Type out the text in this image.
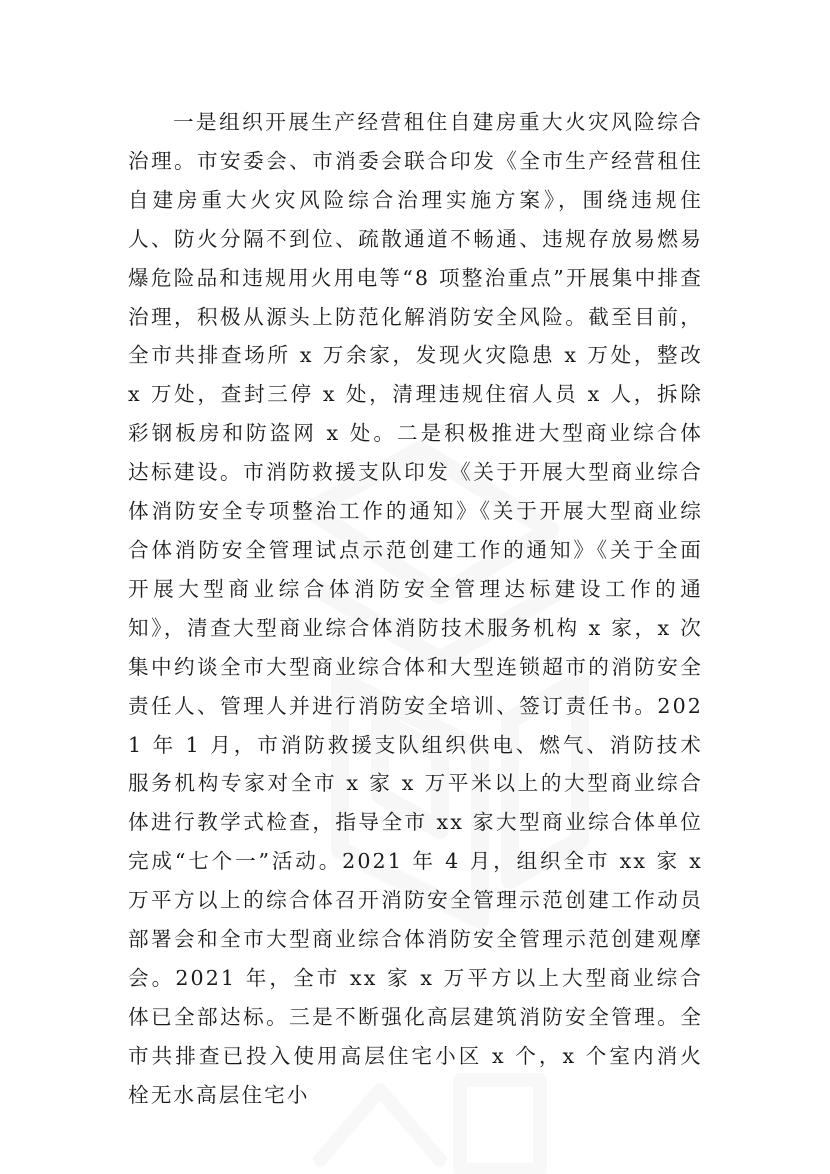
一是组织开展生产经营租住自建房重大火灾风险综合治理。市安委会、市消委会联合印发《全市生产经营租住自建房重大火灾风险综合治理实施方案》，围绕违规住人、防火分隔不到位、疏散通道不畅通、违规存放易燃易爆危险品和违规用火用电等“8 项整治重点”开展集中排查治理，积极从源头上防范化解消防安全风险。截至目前，全市共排查场所 x 万余家，发现火灾隐患 x 万处，整改 x 万处，查封三停 x 处，清理违规住宿人员 x 人，拆除彩钢板房和防盗网 x 处。二是积极推进大型商业综合体达标建设。市消防救援支队印发《关于开展大型商业综合体消防安全专项整治工作的通知》《关于开展大型商业综合体消防安全管理试点示范创建工作的通知》《关于全面开展大型商业综合体消防安全管理达标建设工作的通知》，清查大型商业综合体消防技术服务机构 x 家，x 次集中约谈全市大型商业综合体和大型连锁超市的消防安全责任人、管理人并进行消防安全培训、签订责任书。2021 年 1 月，市消防救援支队组织供电、燃气、消防技术服务机构专家对全市 x 家 x 万平米以上的大型商业综合体进行教学式检查，指导全市 xx 家大型商业综合体单位完成“七个一”活动。2021 年 4 月，组织全市 xx 家 x 万平方以上的综合体召开消防安全管理示范创建工作动员部署会和全市大型商业综合体消防安全管理示范创建观摩会。2021 年，全市 xx 家 x 万平方以上大型商业综合体已全部达标。三是不断强化高层建筑消防安全管理。全市共排查已投入使用高层住宅小区 x 个，x 个室内消火栓无水高层住宅小
